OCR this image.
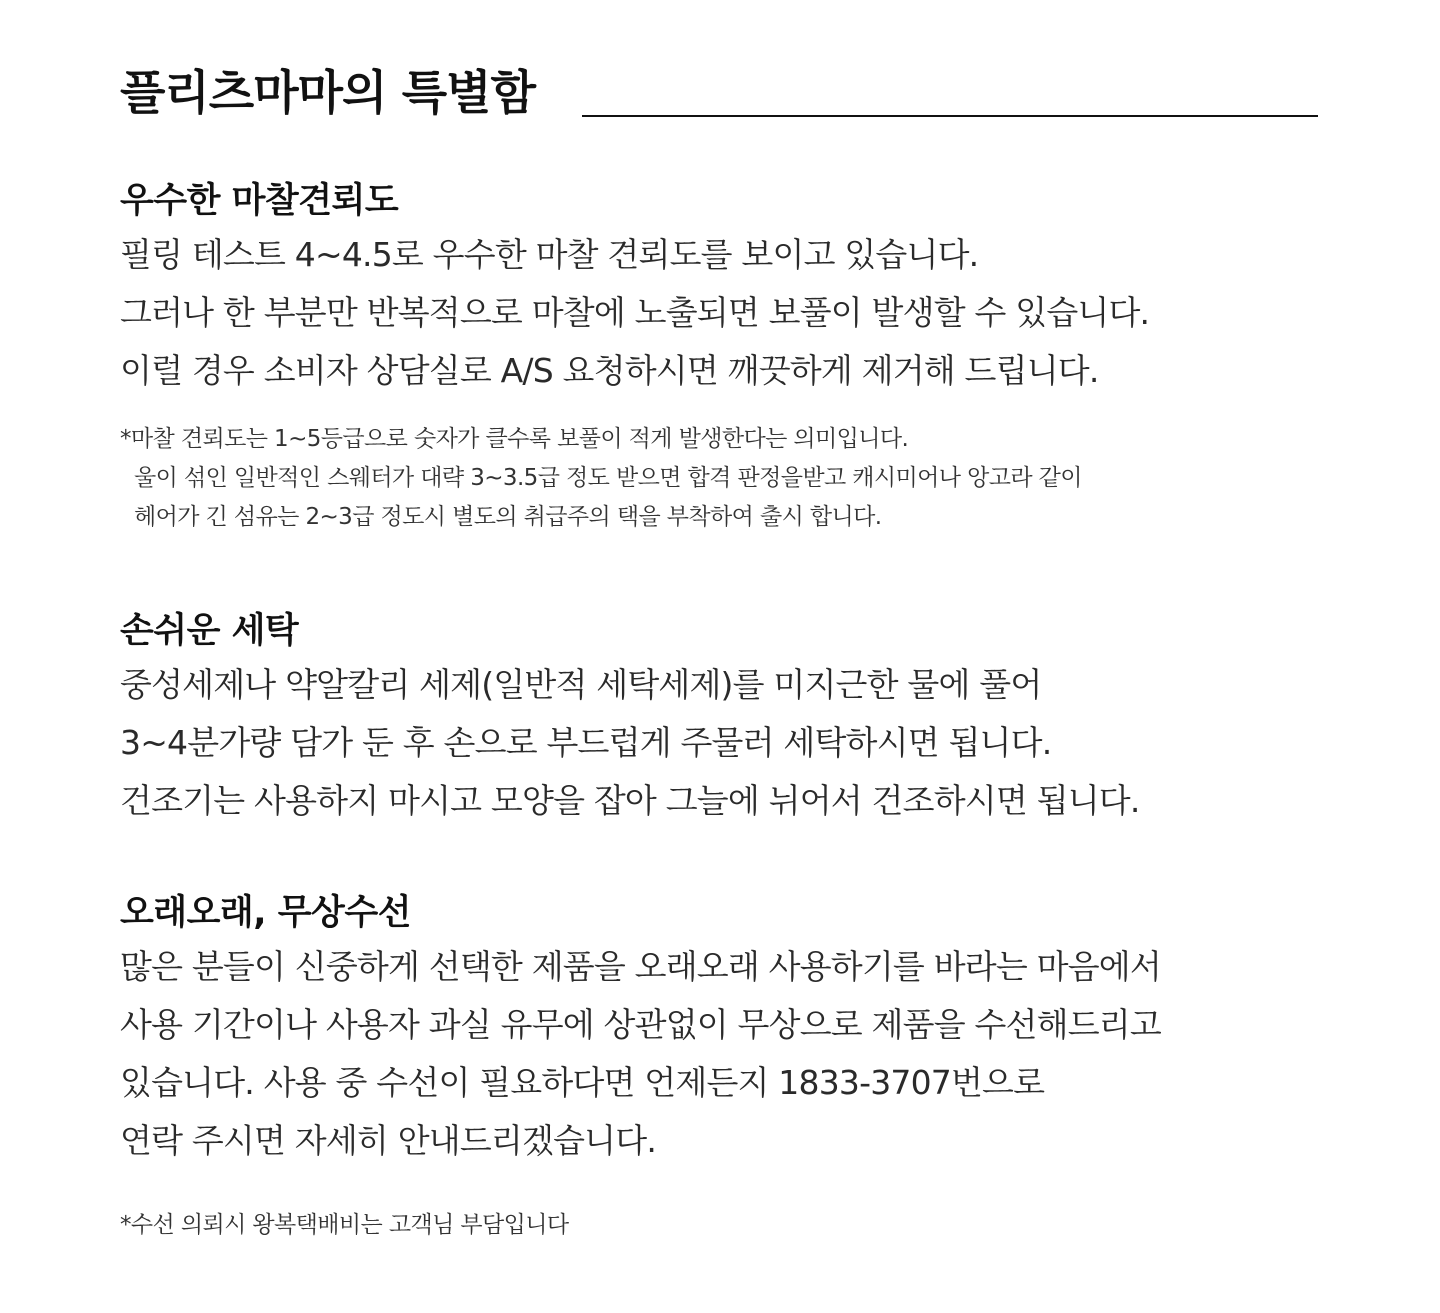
플리츠마마의 특별함
우수한 마찰견뢰도

필링 테스트 4~4.5로 우수한 마찰 견뢰도를 보이고 있습니다.

그러나 한 부분만 반복적으로 마찰에 노출되면 보풀이 발생할 수 있습니다.

이럴 경우 소비자 상담실로 A/S 요청하시면 깨끗하게 제거해 드립니다.

*마찰 견뢰도는 1~5등급으로 숫자가 클수록 보풀이 적게 발생한다는 의미입니다.

울이 섞인 일반적인 스웨터가 대략 3~3.5급 정도 받으면 합격 판정을받고 캐시미어나 앙고라 같이

헤어가 긴 섬유는 2~3급 정도시 별도의 취급주의 택을 부착하여 출시 합니다.

손쉬운 세탁

중성세제나 약알칼리 세제(일반적 세탁세제)를 미지근한 물에 풀어

3~4분가량 담가 둔 후 손으로 부드럽게 주물러 세탁하시면 됩니다.

건조기는 사용하지 마시고 모양을 잡아 그늘에 뉘어서 건조하시면 됩니다.

오래오래, 무상수선

많은 분들이 신중하게 선택한 제품을 오래오래 사용하기를 바라는 마음에서

사용 기간이나 사용자 과실 유무에 상관없이 무상으로 제품을 수선해드리고

있습니다. 사용 중 수선이 필요하다면 언제든지 1833-3707번으로

연락 주시면 자세히 안내드리겠습니다.

*수선 의뢰시 왕복택배비는 고객님 부담입니다
